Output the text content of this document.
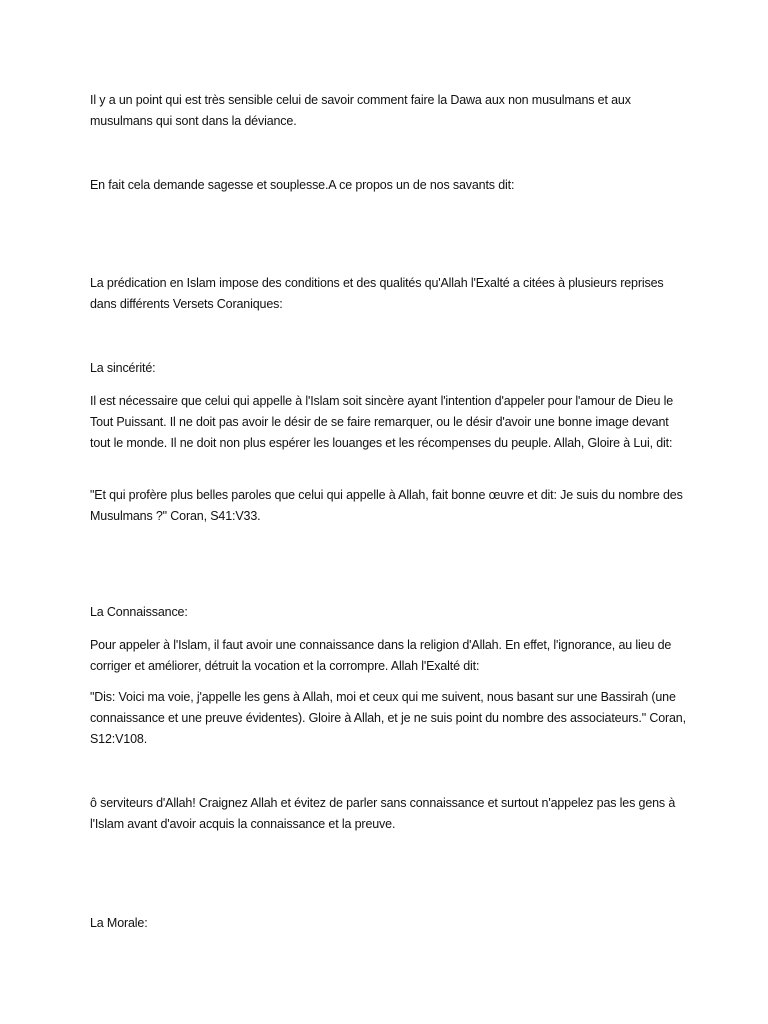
Il y a un point qui est très sensible celui de savoir comment faire la Dawa aux non musulmans et aux musulmans qui sont dans la déviance.

En fait cela demande sagesse et souplesse.A ce propos un de nos savants dit:

La prédication en Islam impose des conditions et des qualités qu'Allah l'Exalté a citées à plusieurs reprises dans différents Versets Coraniques:

La sincérité:

Il est nécessaire que celui qui appelle à l'Islam soit sincère ayant l'intention d'appeler pour l'amour de Dieu le Tout Puissant. Il ne doit pas avoir le désir de se faire remarquer, ou le désir d'avoir une bonne image devant tout le monde. Il ne doit non plus espérer les louanges et les récompenses du peuple. Allah, Gloire à Lui, dit:

"Et qui profère plus belles paroles que celui qui appelle à Allah, fait bonne œuvre et dit: Je suis du nombre des Musulmans ?" Coran, S41:V33.

La Connaissance:

Pour appeler à l'Islam, il faut avoir une connaissance dans la religion d'Allah. En effet, l'ignorance, au lieu de corriger et améliorer, détruit la vocation et la corrompre. Allah l'Exalté dit:

"Dis: Voici ma voie, j'appelle les gens à Allah, moi et ceux qui me suivent, nous basant sur une Bassirah (une connaissance et une preuve évidentes). Gloire à Allah, et je ne suis point du nombre des associateurs." Coran, S12:V108.

ô serviteurs d'Allah! Craignez Allah et évitez de parler sans connaissance et surtout n'appelez pas les gens à l'Islam avant d'avoir acquis la connaissance et la preuve.

La Morale:
